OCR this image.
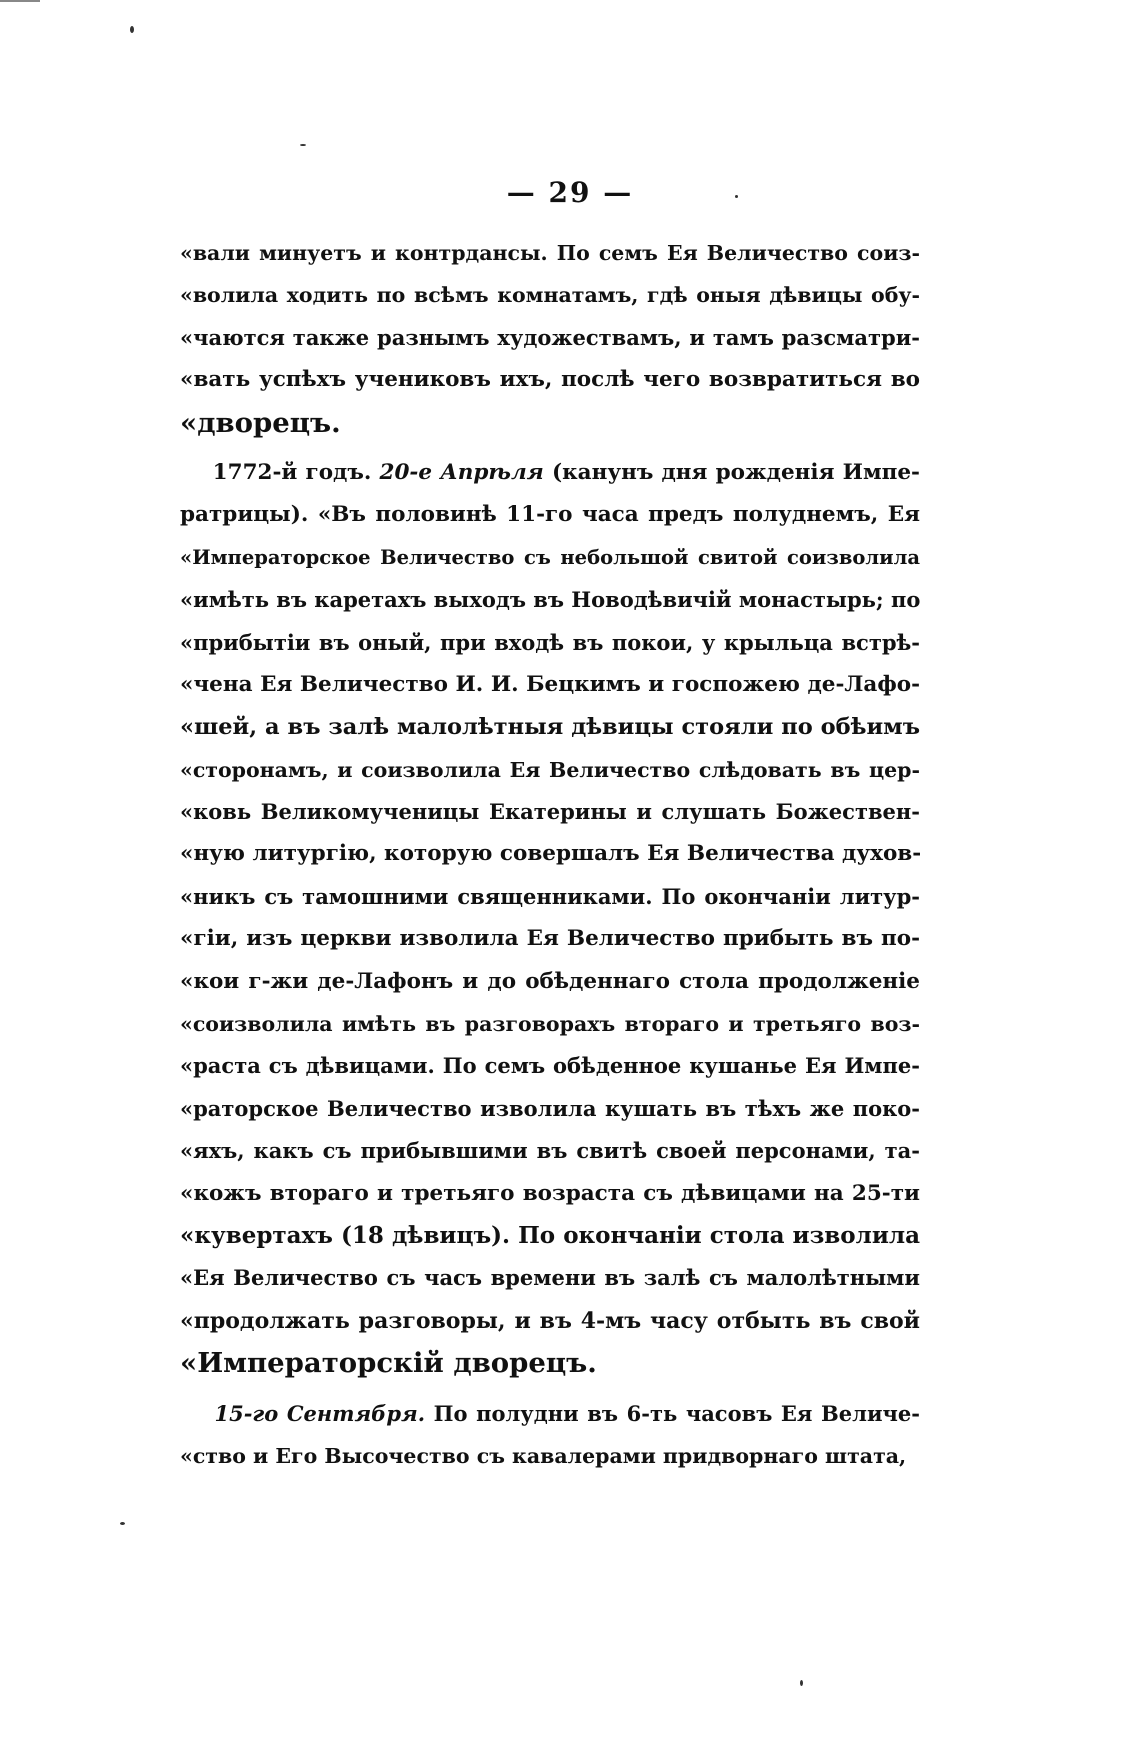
— 29 —
«вали минуетъ и контрдансы. По семъ Ея Величество соиз-
«волила ходить по всѣмъ комнатамъ, гдѣ оныя дѣвицы обу-
«чаются также разнымъ художествамъ, и тамъ разсматри-
«вать успѣхъ учениковъ ихъ, послѣ чего возвратиться во
«дворецъ.
1772-й годъ. 20-е Апрѣля (канунъ дня рожденія Импе-
ратрицы). «Въ половинѣ 11-го часа предъ полуднемъ, Ея
«Императорское Величество съ небольшой свитой соизволила
«имѣть въ каретахъ выходъ въ Новодѣвичій монастырь; по
«прибытіи въ оный, при входѣ въ покои, у крыльца встрѣ-
«чена Ея Величество И. И. Бецкимъ и госпожею де-Лафо-
«шей, а въ залѣ малолѣтныя дѣвицы стояли по обѣимъ
«сторонамъ, и соизволила Ея Величество слѣдовать въ цер-
«ковь Великомученицы Екатерины и слушать Божествен-
«ную литургію, которую совершалъ Ея Величества духов-
«никъ съ тамошними священниками. По окончаніи литур-
«гіи, изъ церкви изволила Ея Величество прибыть въ по-
«кои г-жи де-Лафонъ и до обѣденнаго стола продолженіе
«соизволила имѣть въ разговорахъ втораго и третьяго воз-
«раста съ дѣвицами. По семъ обѣденное кушанье Ея Импе-
«раторское Величество изволила кушать въ тѣхъ же поко-
«яхъ, какъ съ прибывшими въ свитѣ своей персонами, та-
«кожъ втораго и третьяго возраста съ дѣвицами на 25-ти
«кувертахъ (18 дѣвицъ). По окончаніи стола изволила
«Ея Величество съ часъ времени въ залѣ съ малолѣтными
«продолжать разговоры, и въ 4-мъ часу отбыть въ свой
«Императорскій дворецъ.
15-го Сентября. По полудни въ 6-ть часовъ Ея Величе-
«ство и Его Высочество съ кавалерами придворнаго штата,
